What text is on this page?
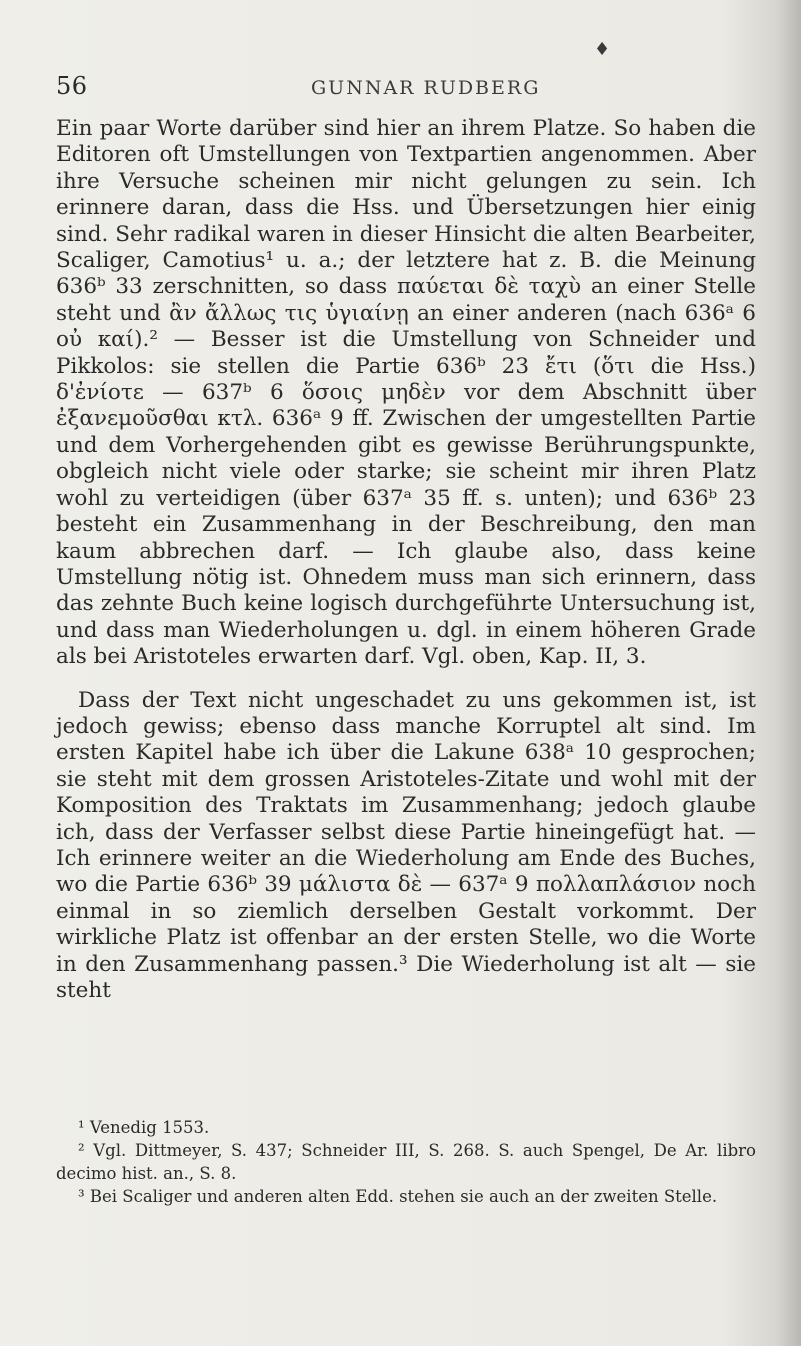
♦
56	GUNNAR RUDBERG

Ein paar Worte darüber sind hier an ihrem Platze. So haben die Editoren oft Umstellungen von Textpartien angenommen. Aber ihre Versuche scheinen mir nicht gelungen zu sein. Ich erinnere daran, dass die Hss. und Übersetzungen hier einig sind. Sehr radikal waren in dieser Hinsicht die alten Bearbeiter, Scaliger, Camotius¹ u. a.; der letztere hat z. B. die Meinung 636ᵇ 33 zerschnitten, so dass παύεται δὲ ταχὺ an einer Stelle steht und ἂν ἄλλως τις ὑγιαίνῃ an einer anderen (nach 636ᵃ 6 οὐ καί).² — Besser ist die Umstellung von Schneider und Pikkolos: sie stellen die Partie 636ᵇ 23 ἔτι (ὅτι die Hss.) δ'ἐνίοτε — 637ᵇ 6 ὅσοις μηδὲν vor dem Abschnitt über ἐξανεμοῦσθαι κτλ. 636ᵃ 9 ff. Zwischen der umgestellten Partie und dem Vorhergehenden gibt es gewisse Berührungspunkte, obgleich nicht viele oder starke; sie scheint mir ihren Platz wohl zu verteidigen (über 637ᵃ 35 ff. s. unten); und 636ᵇ 23 besteht ein Zusammenhang in der Beschreibung, den man kaum abbrechen darf. — Ich glaube also, dass keine Umstellung nötig ist. Ohnedem muss man sich erinnern, dass das zehnte Buch keine logisch durchgeführte Untersuchung ist, und dass man Wiederholungen u. dgl. in einem höheren Grade als bei Aristoteles erwarten darf. Vgl. oben, Kap. II, 3.

Dass der Text nicht ungeschadet zu uns gekommen ist, ist jedoch gewiss; ebenso dass manche Korruptel alt sind. Im ersten Kapitel habe ich über die Lakune 638ᵃ 10 gesprochen; sie steht mit dem grossen Aristoteles-Zitate und wohl mit der Komposition des Traktats im Zusammenhang; jedoch glaube ich, dass der Verfasser selbst diese Partie hineingefügt hat. — Ich erinnere weiter an die Wiederholung am Ende des Buches, wo die Partie 636ᵇ 39 μάλιστα δὲ — 637ᵃ 9 πολλαπλάσιον noch einmal in so ziemlich derselben Gestalt vorkommt. Der wirkliche Platz ist offenbar an der ersten Stelle, wo die Worte in den Zusammenhang passen.³ Die Wiederholung ist alt — sie steht

¹ Venedig 1553.

² Vgl. Dittmeyer, S. 437; Schneider III, S. 268. S. auch Spengel, De Ar. libro decimo hist. an., S. 8.

³ Bei Scaliger und anderen alten Edd. stehen sie auch an der zweiten Stelle.
